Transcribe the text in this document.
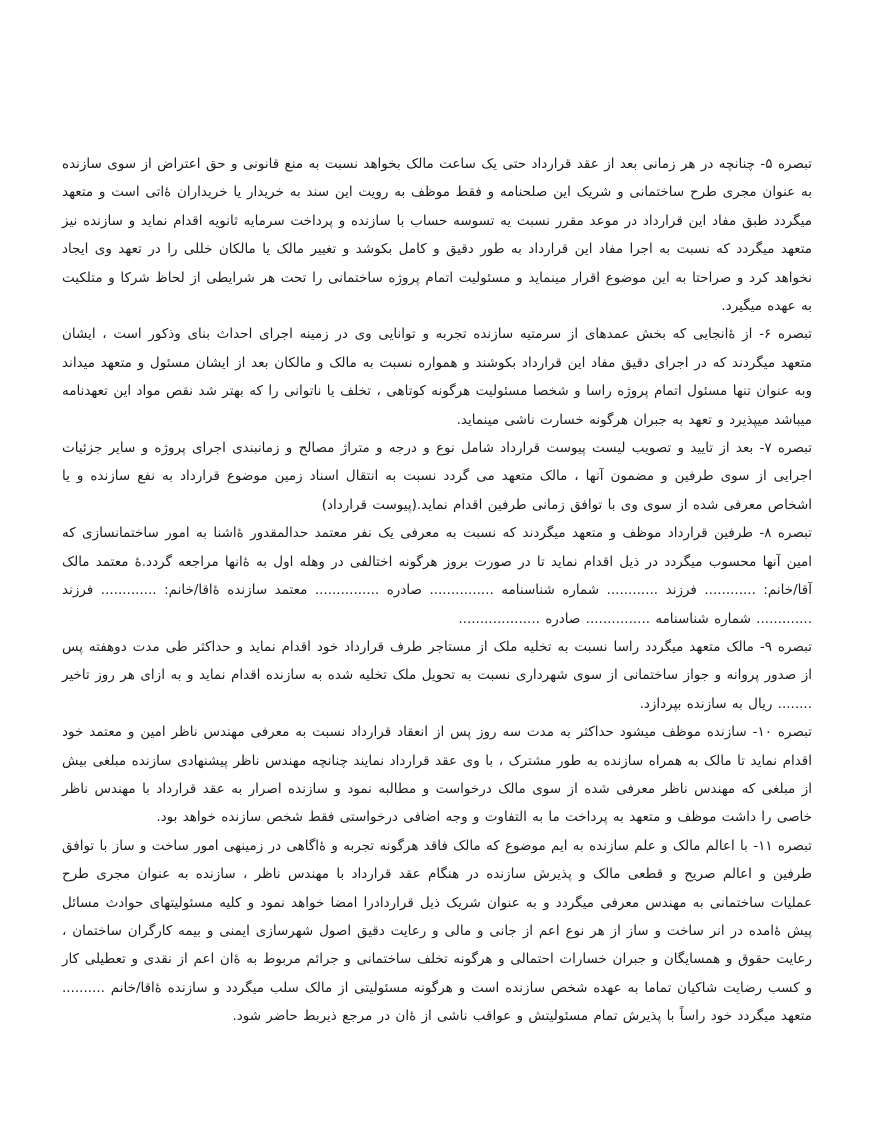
تبصره ۵- چنانچه در هر زمانی بعد از عقد قرارداد حتی یک ساعت مالک بخواهد نسبت به منع قانونی و حق اعتراض از سوی سازنده به عنوان مجری طرح ساختمانی و شریک این صلحنامه و فقط موظف به رویت این سند به خریدار یا خریداران ۀاتی است و متعهد میگردد طبق مفاد این قرارداد در موعد مقرر نسبت یه تسوسه حساب با سازنده و پرداخت سرمایه ثانویه اقدام نماید و سازنده نیز متعهد میگردد که نسبت به اجرا مفاد این قرارداد به طور دقیق و کامل بکوشد و تغییر مالک یا مالکان خللی را در تعهد وی ایجاد نخواهد کرد و صراحتا به این موضوع اقرار مینماید و مسئولیت اتمام پروژه ساختمانی را تحت هر شرایطی از لحاظ شرکا و متلکیت به عهده میگیرد.

تبصره ۶- از ۀانجایی که بخش عمدهای از سرمتیه سازنده تجربه و توانایی وی در زمینه اجرای احداث بنای وذکور است ، ایشان متعهد میگردند که در اجرای دقیق مفاد این قرارداد بکوشند و همواره نسبت به مالک و مالکان بعد از ایشان مسئول و متعهد میداند وبه عنوان تنها مسئول اتمام پروژه راسا و شخصا مسئولیت هرگونه کوتاهی ، تخلف یا ناتوانی را که بهتر شد نقص مواد این تعهدنامه میباشد میپذیرد و تعهد به جبران هرگونه خسارت ناشی مینماید.

تبصره ۷- بعد از تایید و تصویب لیست پیوست قرارداد شامل نوع و درجه و متراژ مصالح و زمانبندی اجرای پروژه و سایر جزئیات اجرایی از سوی طرفین و مضمون آنها ، مالک متعهد می گردد نسبت به انتقال اسناد زمین موضوع قرارداد به نفع سازنده و یا اشخاص معرفی شده از سوی وی با توافق زمانی طرفین اقدام نماید.(پیوست قرارداد)

تبصره ۸- طرفین قرارداد موظف و متعهد میگردند که نسبت به معرفی یک نفر معتمد حدالمقدور ۀاشنا به امور ساختمانسازی که امین آنها محسوب میگردد در ذیل اقدام نماید تا در صورت بروز هرگونه اختالفی در وهله اول به ۀانها مراجعه گردد.ۀ معتمد مالک آقا/خانم: ............ فرزند ............ شماره شناسنامه ............... صادره ............... معتمد سازنده ۀاقا/خانم: ............. فرزند ............. شماره شناسنامه ............... صادره ...................

تبصره ۹- مالک متعهد میگردد راسا نسبت به تخلیه ملک از مستاجر طرف قرارداد خود اقدام نماید و حداکثر طی مدت دوهفته پس از صدور پروانه و جواز ساختمانی از سوی شهرداری نسبت به تحویل ملک تخلیه شده به سازنده اقدام نماید و به ازای هر روز تاخیر ........ ریال به سازنده بپردازد.

تبصره ۱۰- سازنده موظف میشود حداکثر به مدت سه روز پس از انعقاد قرارداد نسبت به معرفی مهندس ناظر امین و معتمد خود اقدام نماید تا مالک به همراه سازنده به طور مشترک ، با وی عقد قرارداد نمایند چنانچه مهندس ناظر پیشنهادی سازنده مبلغی بیش از مبلغی که مهندس ناظر معرفی شده از سوی مالک درخواست و مطالبه نمود و سازنده اصرار به عقد قرارداد با مهندس ناظر خاصی را داشت موظف و متعهد به پرداخت ما به التفاوت و وجه اضافی درخواستی فقط شخص سازنده خواهد بود.

تبصره ۱۱- با اعالم مالک و علم سازنده به ایم موضوع که مالک فاقد هرگونه تجربه و ۀاگاهی در زمینهی امور ساخت و ساز با توافق طرفین و اعالم صریح و قطعی مالک و پذیرش سازنده در هنگام عقد قرارداد با مهندس ناظر ، سازنده به عنوان مجری طرح عملیات ساختمانی به مهندس معرفی میگردد و به عنوان شریک ذیل قراردادرا امضا خواهد نمود و کلیه مسئولیتهای حوادث مسائل پیش ۀامده در انر ساخت و ساز از هر نوع اعم از جانی و مالی و رعایت دقیق اصول شهرسازی ایمنی و بیمه کارگران ساختمان ، رعایت حقوق و همسایگان و جبران خسارات احتمالی و هرگونه تخلف ساختمانی و جرائم مربوط به ۀان اعم از نقدی و تعطیلی کار و کسب رضایت شاکیان تماما به عهده شخص سازنده است و هرگونه مسئولیتی از مالک سلب میگردد و سازنده ۀاقا/خانم .......... متعهد میگردد خود راساً با پذیرش تمام مسئولیتش و عواقب ناشی از ۀان در مرجع ذیربط حاضر شود.
